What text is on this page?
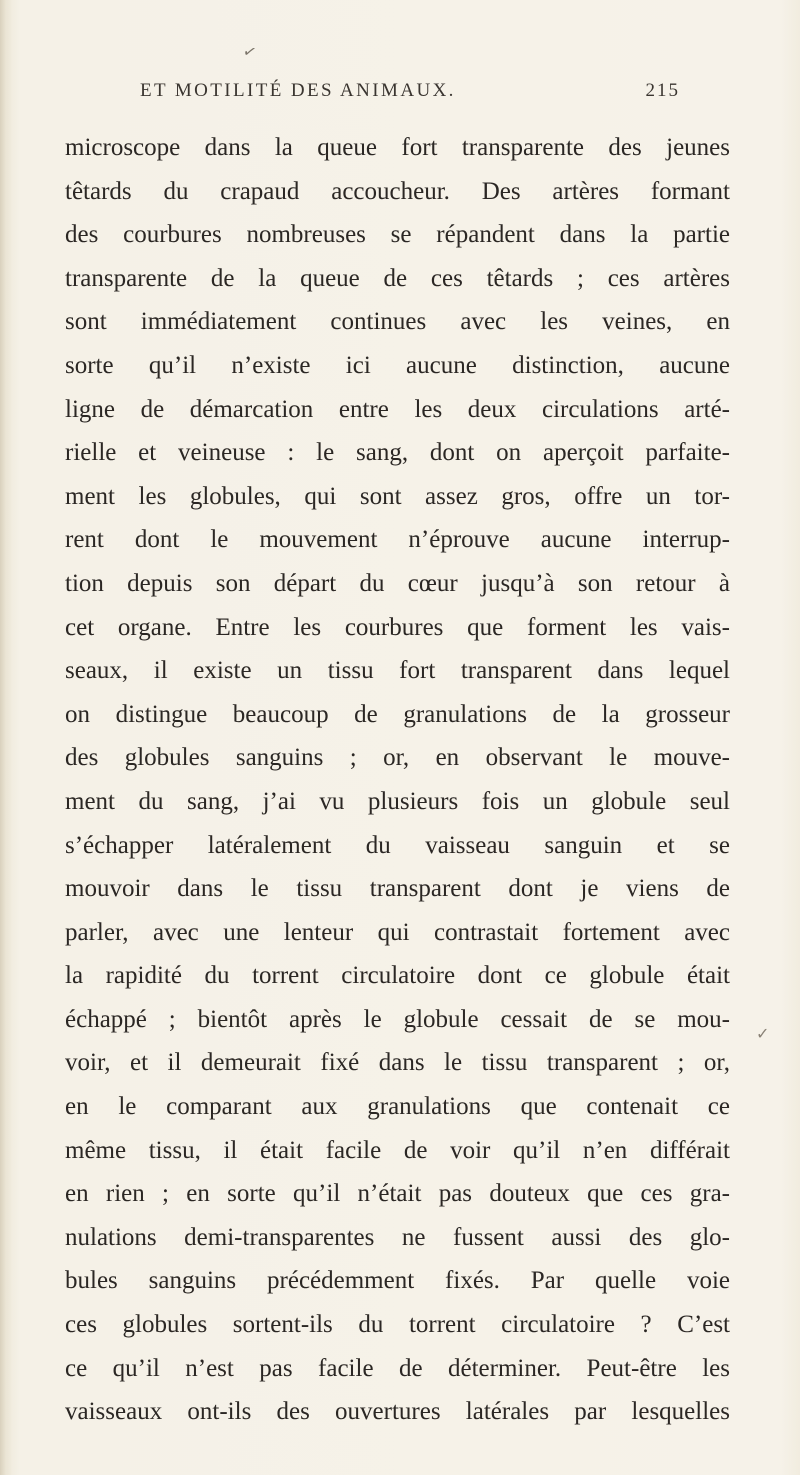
✓
ET MOTILITÉ DES ANIMAUX.	215
microscope dans la queue fort transparente des jeunes
têtards du crapaud accoucheur. Des artères formant
des courbures nombreuses se répandent dans la partie
transparente de la queue de ces têtards ; ces artères
sont immédiatement continues avec les veines, en
sorte qu’il n’existe ici aucune distinction, aucune
ligne de démarcation entre les deux circulations arté-
rielle et veineuse : le sang, dont on aperçoit parfaite-
ment les globules, qui sont assez gros, offre un tor-
rent dont le mouvement n’éprouve aucune interrup-
tion depuis son départ du cœur jusqu’à son retour à
cet organe. Entre les courbures que forment les vais-
seaux, il existe un tissu fort transparent dans lequel
on distingue beaucoup de granulations de la grosseur
des globules sanguins ; or, en observant le mouve-
ment du sang, j’ai vu plusieurs fois un globule seul
s’échapper latéralement du vaisseau sanguin et se
mouvoir dans le tissu transparent dont je viens de
parler, avec une lenteur qui contrastait fortement avec
la rapidité du torrent circulatoire dont ce globule était
échappé ; bientôt après le globule cessait de se mou-
voir, et il demeurait fixé dans le tissu transparent ; or,
en le comparant aux granulations que contenait ce
même tissu, il était facile de voir qu’il n’en différait
en rien ; en sorte qu’il n’était pas douteux que ces gra-
nulations demi-transparentes ne fussent aussi des glo-
bules sanguins précédemment fixés. Par quelle voie
ces globules sortent-ils du torrent circulatoire ? C’est
ce qu’il n’est pas facile de déterminer. Peut-être les
vaisseaux ont-ils des ouvertures latérales par lesquelles
✓
